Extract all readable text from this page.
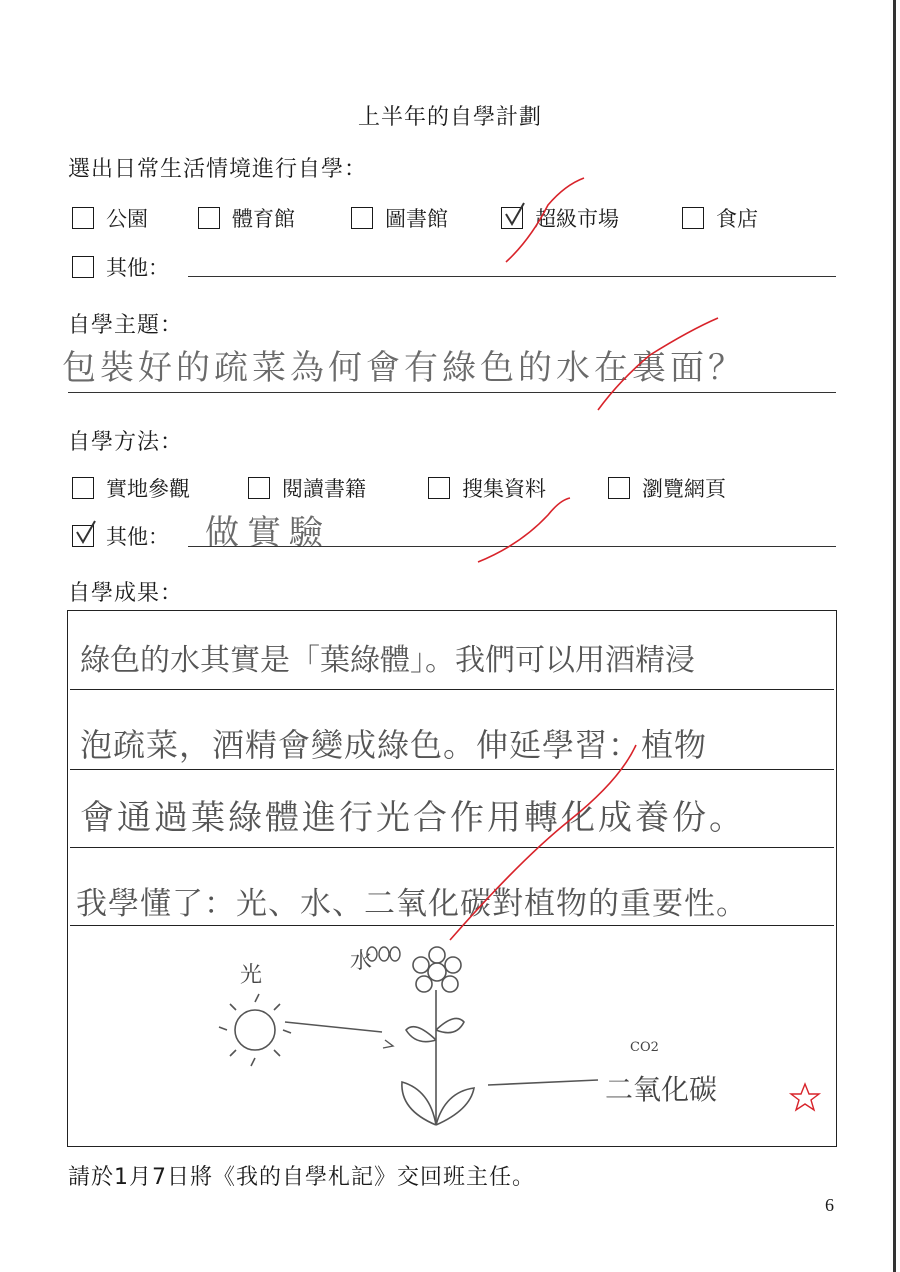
上半年的自學計劃
選出日常生活情境進行自學：
公園	體育館	圖書館	超級市場	食店
其他：
自學主題：
包裝好的疏菜為何會有綠色的水在裏面？
自學方法：
實地參觀	閱讀書籍	搜集資料	瀏覽網頁
其他： 做實驗
自學成果：
綠色的水其實是「葉綠體」。我們可以用酒精浸
泡疏菜，酒精會變成綠色。伸延學習：植物
會通過葉綠體進行光合作用轉化成養份。
我學懂了：光、水、二氧化碳對植物的重要性。
光
水
CO2
二氧化碳
請於1月7日將《我的自學札記》交回班主任。
6
